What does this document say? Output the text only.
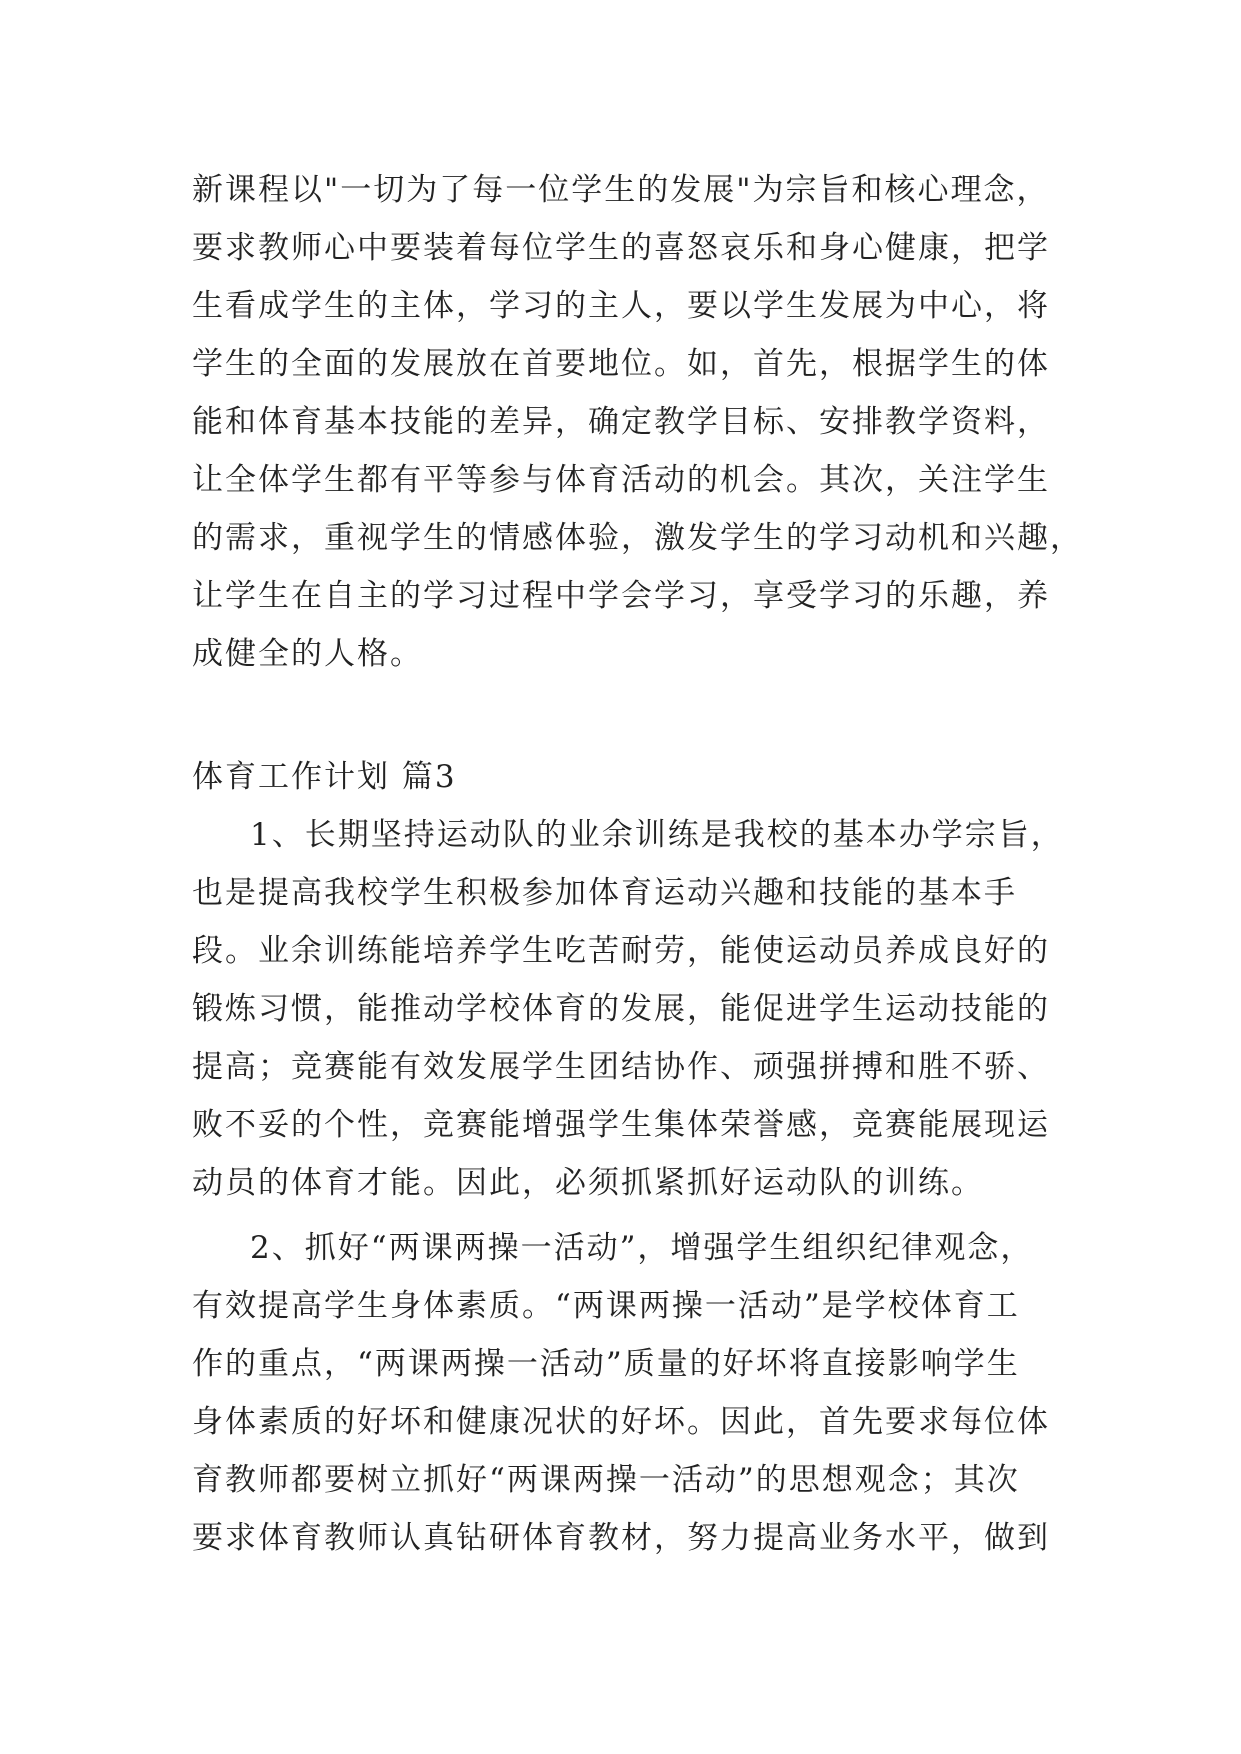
新课程以"一切为了每一位学生的发展"为宗旨和核心理念，
要求教师心中要装着每位学生的喜怒哀乐和身心健康，把学
生看成学生的主体，学习的主人，要以学生发展为中心，将
学生的全面的发展放在首要地位。如，首先，根据学生的体
能和体育基本技能的差异，确定教学目标、安排教学资料，
让全体学生都有平等参与体育活动的机会。其次，关注学生
的需求，重视学生的情感体验，激发学生的学习动机和兴趣，
让学生在自主的学习过程中学会学习，享受学习的乐趣，养
成健全的人格。
体育工作计划 篇3
1、长期坚持运动队的业余训练是我校的基本办学宗旨，
也是提高我校学生积极参加体育运动兴趣和技能的基本手
段。业余训练能培养学生吃苦耐劳，能使运动员养成良好的
锻炼习惯，能推动学校体育的发展，能促进学生运动技能的
提高；竞赛能有效发展学生团结协作、顽强拼搏和胜不骄、
败不妥的个性，竞赛能增强学生集体荣誉感，竞赛能展现运
动员的体育才能。因此，必须抓紧抓好运动队的训练。
2、抓好“两课两操一活动”，增强学生组织纪律观念，
有效提高学生身体素质。“两课两操一活动”是学校体育工
作的重点，“两课两操一活动”质量的好坏将直接影响学生
身体素质的好坏和健康况状的好坏。因此，首先要求每位体
育教师都要树立抓好“两课两操一活动”的思想观念；其次
要求体育教师认真钻研体育教材，努力提高业务水平，做到
